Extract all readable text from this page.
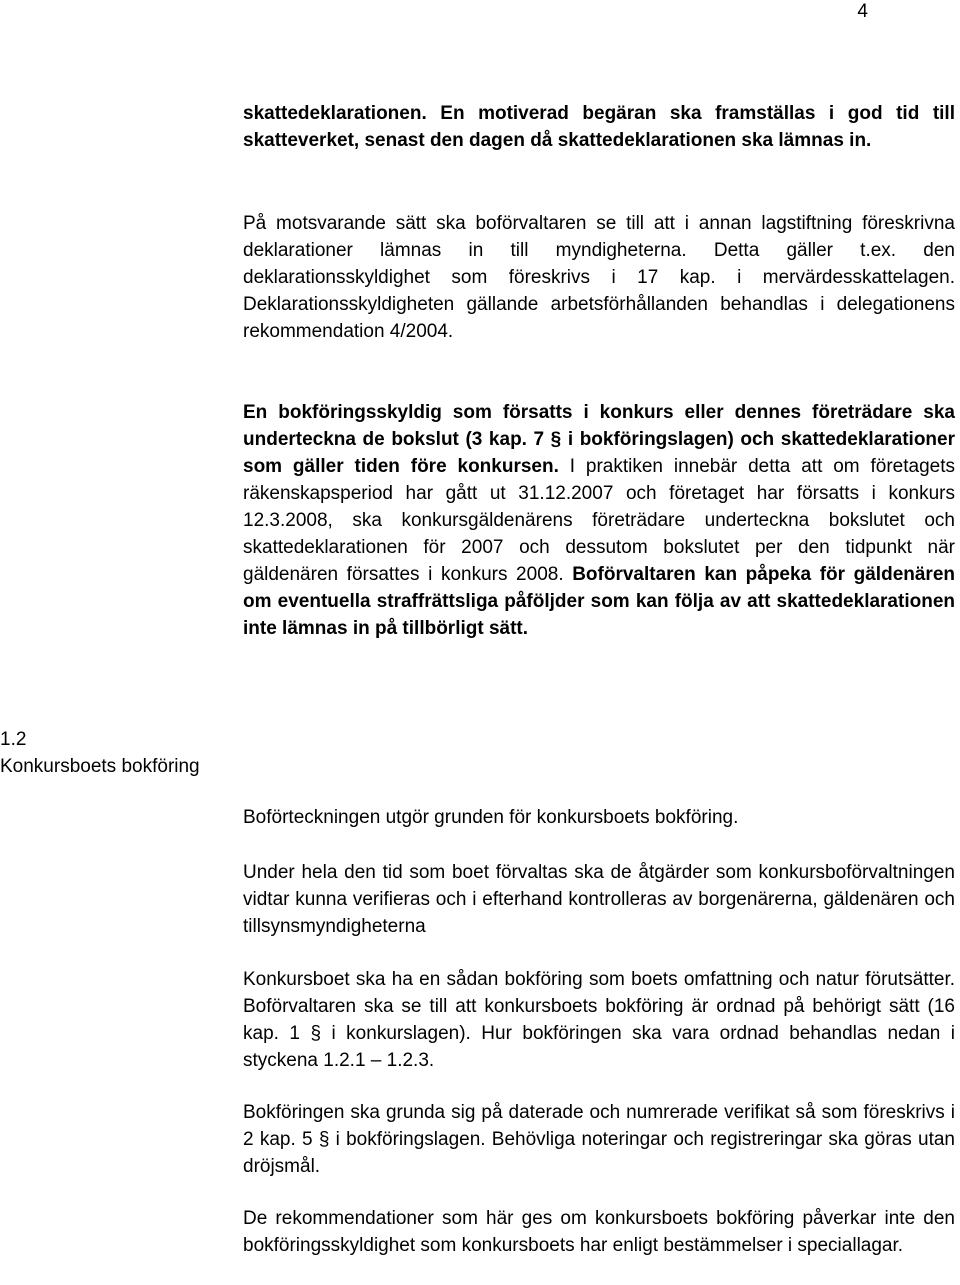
4

skattedeklarationen. En motiverad begäran ska framställas i god tid till skatteverket, senast den dagen då skattedeklarationen ska lämnas in.

På motsvarande sätt ska boförvaltaren se till att i annan lagstiftning föreskrivna deklarationer lämnas in till myndigheterna. Detta gäller t.ex. den deklarationsskyldighet som föreskrivs i 17 kap. i mervärdesskattelagen. Deklarationsskyldigheten gällande arbetsförhållanden behandlas i delegationens rekommendation 4/2004.

En bokföringsskyldig som försatts i konkurs eller dennes företrädare ska underteckna de bokslut (3 kap. 7 § i bokföringslagen) och skattedeklarationer som gäller tiden före konkursen. I praktiken innebär detta att om företagets räkenskapsperiod har gått ut 31.12.2007 och företaget har försatts i konkurs 12.3.2008, ska konkursgäldenärens företrädare underteckna bokslutet och skattedeklarationen för 2007 och dessutom bokslutet per den tidpunkt när gäldenären försattes i konkurs 2008. Boförvaltaren kan påpeka för gäldenären om eventuella straffrättsliga påföljder som kan följa av att skattedeklarationen inte lämnas in på tillbörligt sätt.

1.2
Konkursboets bokföring

Boförteckningen utgör grunden för konkursboets bokföring.

Under hela den tid som boet förvaltas ska de åtgärder som konkursboförvaltningen vidtar kunna verifieras och i efterhand kontrolleras av borgenärerna, gäldenären och tillsynsmyndigheterna

Konkursboet ska ha en sådan bokföring som boets omfattning och natur förutsätter. Boförvaltaren ska se till att konkursboets bokföring är ordnad på behörigt sätt (16 kap. 1 § i konkurslagen). Hur bokföringen ska vara ordnad behandlas nedan i styckena 1.2.1 – 1.2.3.

Bokföringen ska grunda sig på daterade och numrerade verifikat så som föreskrivs i 2 kap. 5 § i bokföringslagen. Behövliga noteringar och registreringar ska göras utan dröjsmål.

De rekommendationer som här ges om konkursboets bokföring påverkar inte den bokföringsskyldighet som konkursboets har enligt bestämmelser i speciallagar.
